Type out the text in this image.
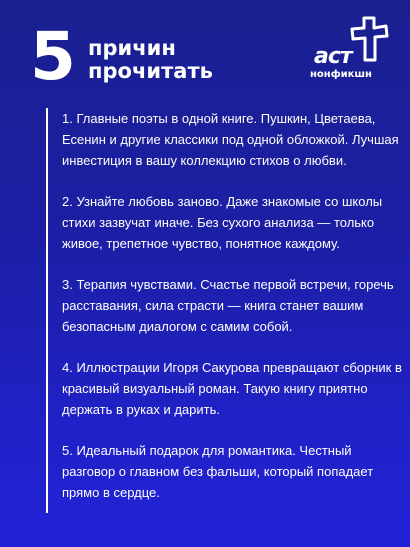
5 причин
прочитать
аст
нонфикшн

1. Главные поэты в одной книге. Пушкин, Цветаева, Есенин и другие классики под одной обложкой. Лучшая инвестиция в вашу коллекцию стихов о любви.

2. Узнайте любовь заново. Даже знакомые со школы стихи зазвучат иначе. Без сухого анализа — только живое, трепетное чувство, понятное каждому.

3. Терапия чувствами. Счастье первой встречи, горечь расставания, сила страсти — книга станет вашим безопасным диалогом с самим собой.

4. Иллюстрации Игоря Сакурова превращают сборник в красивый визуальный роман. Такую книгу приятно держать в руках и дарить.

5. Идеальный подарок для романтика. Честный разговор о главном без фальши, который попадает прямо в сердце.
